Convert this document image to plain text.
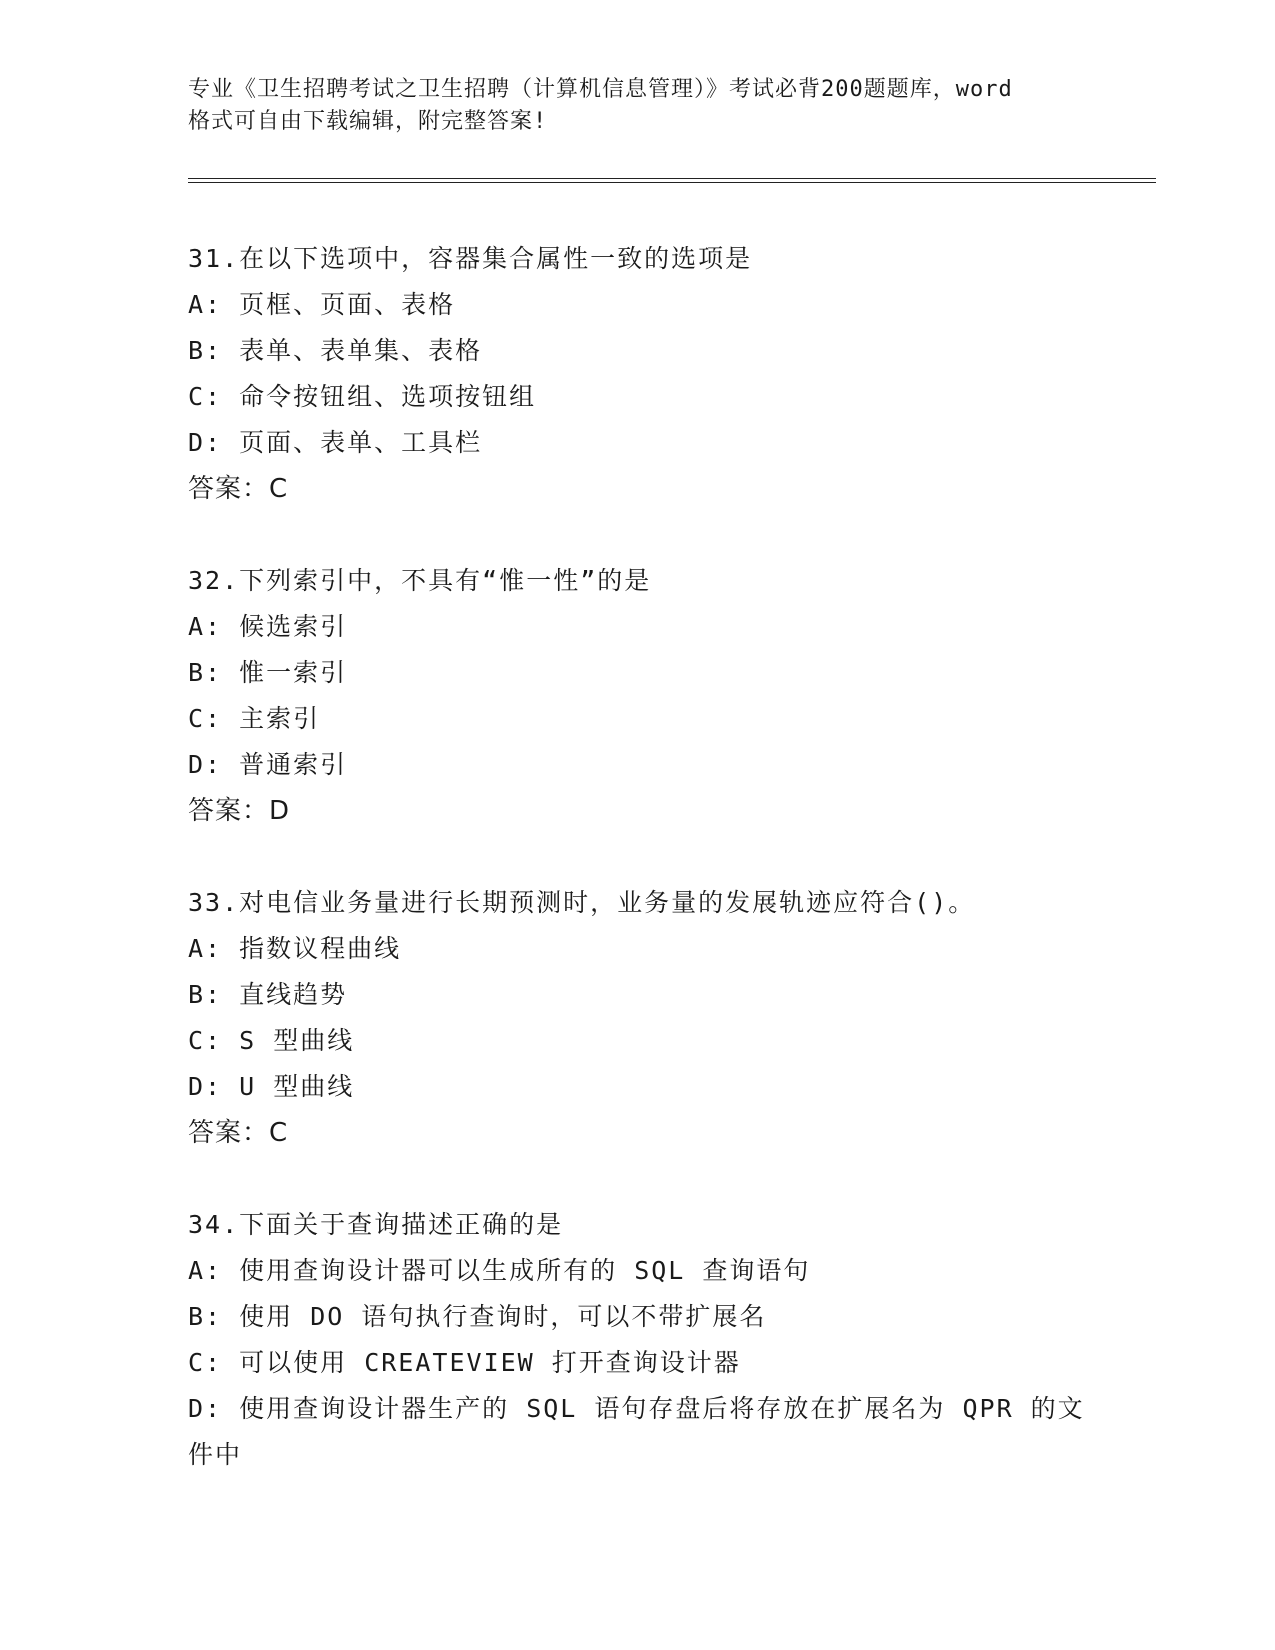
专业《卫生招聘考试之卫生招聘（计算机信息管理）》考试必背200题题库，word
格式可自由下载编辑，附完整答案!
31.在以下选项中，容器集合属性一致的选项是
A: 页框、页面、表格
B: 表单、表单集、表格
C: 命令按钮组、选项按钮组
D: 页面、表单、工具栏
答案：C
32.下列索引中，不具有“惟一性”的是
A: 候选索引
B: 惟一索引
C: 主索引
D: 普通索引
答案：D
33.对电信业务量进行长期预测时，业务量的发展轨迹应符合()。
A: 指数议程曲线
B: 直线趋势
C: S 型曲线
D: U 型曲线
答案：C
34.下面关于查询描述正确的是
A: 使用查询设计器可以生成所有的 SQL 查询语句
B: 使用 DO 语句执行查询时，可以不带扩展名
C: 可以使用 CREATEVIEW 打开查询设计器
D: 使用查询设计器生产的 SQL 语句存盘后将存放在扩展名为 QPR 的文件中
